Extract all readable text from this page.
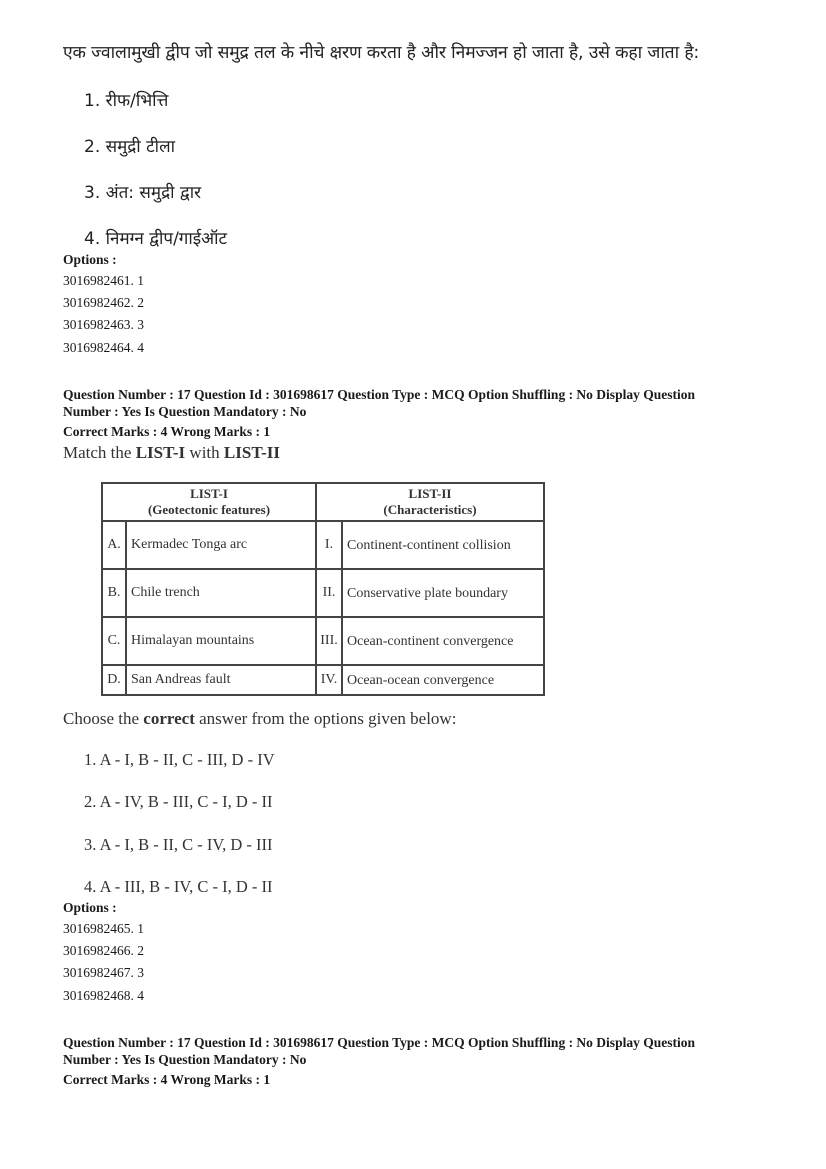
एक ज्वालामुखी द्वीप जो समुद्र तल के नीचे क्षरण करता है और निमज्जन हो जाता है, उसे कहा जाता है:
1. रीफ/भित्ति
2. समुद्री टीला
3. अंत: समुद्री द्वार
4. निमग्न द्वीप/गाईऑट
Options :
3016982461. 1
3016982462. 2
3016982463. 3
3016982464. 4
Question Number : 17 Question Id : 301698617 Question Type : MCQ Option Shuffling : No Display Question
Number : Yes Is Question Mandatory : No
Correct Marks : 4 Wrong Marks : 1
Match the LIST-I with LIST-II
LIST-I
(Geotectonic features)		LIST-II
(Characteristics)	
A.	Kermadec Tonga arc	I.	Continent-continent collision
B.	Chile trench	II.	Conservative plate boundary
C.	Himalayan mountains	III.	Ocean-continent convergence
D.	San Andreas fault	IV.	Ocean-ocean convergence
Choose the correct answer from the options given below:
1. A - I, B - II, C - III, D - IV
2. A - IV, B - III, C - I, D - II
3. A - I, B - II, C - IV, D - III
4. A - III, B - IV, C - I, D - II
Options :
3016982465. 1
3016982466. 2
3016982467. 3
3016982468. 4
Question Number : 17 Question Id : 301698617 Question Type : MCQ Option Shuffling : No Display Question
Number : Yes Is Question Mandatory : No
Correct Marks : 4 Wrong Marks : 1
